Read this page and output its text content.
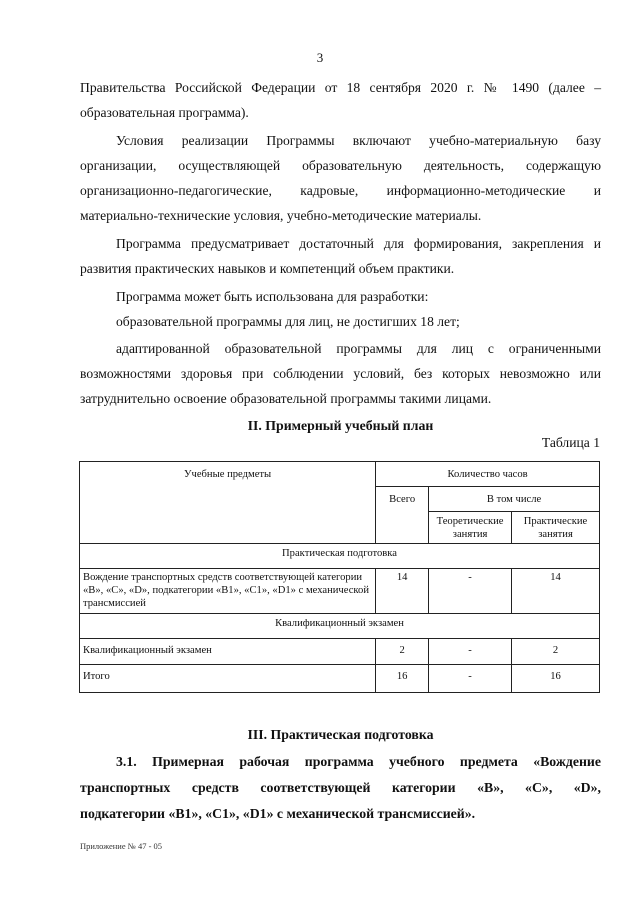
3

Правительства Российской Федерации от 18 сентября 2020 г. № 1490 (далее –

образовательная программа).

Условия реализации Программы включают учебно-материальную базу организации, осуществляющей образовательную деятельность, содержащую организационно-педагогические, кадровые, информационно-методические и материально-технические условия, учебно-методические материалы.

Программа предусматривает достаточный для формирования, закрепления и развития практических навыков и компетенций объем практики.

Программа может быть использована для разработки:

образовательной программы для лиц, не достигших 18 лет;

адаптированной образовательной программы для лиц с ограниченными возможностями здоровья при соблюдении условий, без которых невозможно или затруднительно освоение образовательной программы такими лицами.

II. Примерный учебный план
Таблица 1
Учебные предметы	Количество часов		
	Всего	В том числе	
		Теоретические занятия	Практические занятия
Практическая подготовка			
Вождение транспортных средств соответствующей категории «B», «C», «D», подкатегории «B1», «C1», «D1» с механической трансмиссией	14	-	14
Квалификационный экзамен			
Квалификационный экзамен	2	-	2
Итого	16	-	16
III. Практическая подготовка
3.1. Примерная рабочая программа учебного предмета «Вождение
транспортных средств соответствующей категории «B», «C», «D»,
подкатегории «B1», «C1», «D1» с механической трансмиссией».
Приложение № 47 - 05
